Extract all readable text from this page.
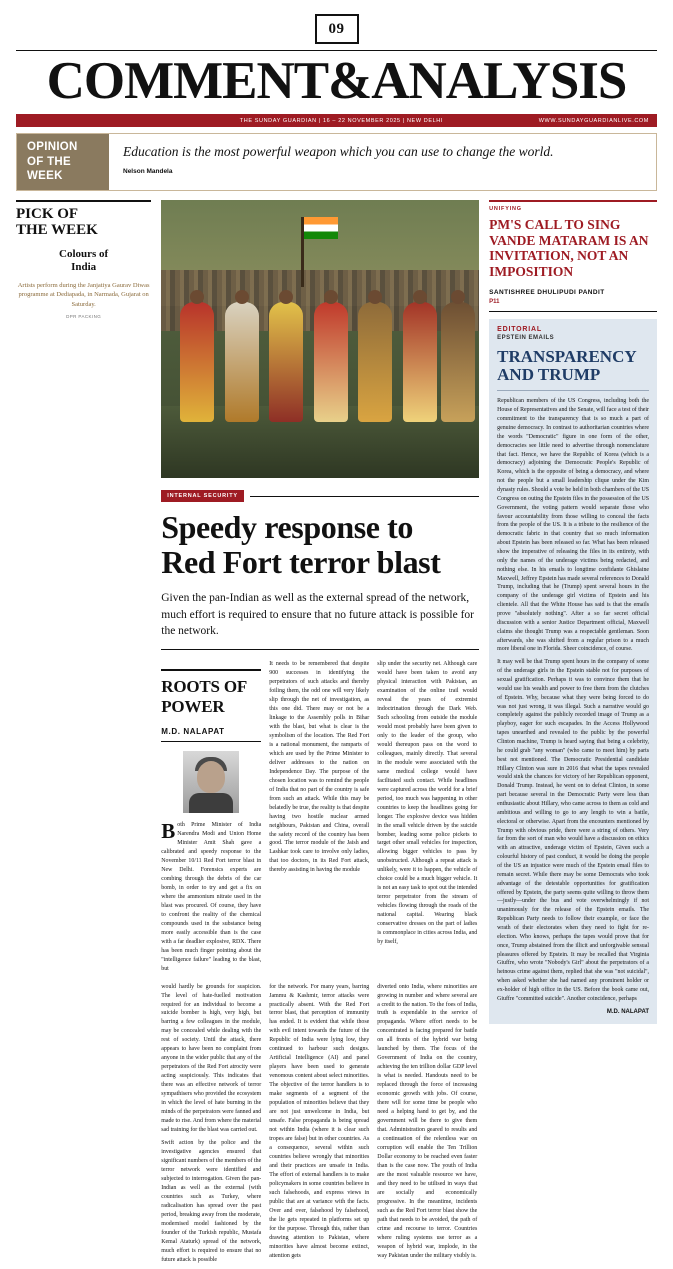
09
COMMENT&ANALYSIS
THE SUNDAY GUARDIAN | 16 – 22 NOVEMBER 2025 | NEW DELHI	WWW.SUNDAYGUARDIANLIVE.COM
OPINION
OF THE
WEEK
Education is the most powerful weapon which you can use to change the world.
Nelson Mandela
PICK OF
THE WEEK
Colours of
India
Artists perform during the Janjatiya Gaurav Diwas programme at Dediapada, in Narmada, Gujarat on Saturday.
DPR PACKING
INTERNAL SECURITY
Speedy response to
Red Fort terror blast
Given the pan-Indian as well as the external spread of the network, much effort is required to ensure that no future attack is possible for the network.
ROOTS OF POWER
M.D. NALAPAT

Both Prime Minister of India Narendra Modi and Union Home Minister Amit Shah gave a calibrated and speedy response to the November 10/11 Red Fort terror blast in New Delhi. Forensics experts are combing through the debris of the car bomb, in order to try and get a fix on where the ammonium nitrate used in the blast was procured. Of course, they have to confront the reality of the chemical compounds used in the substance being more easily accessible than is the case with a far deadlier explosive, RDX. There has been much finger pointing about the "intelligence failure" leading to the blast, but

It needs to be remembered that despite 900 successes in identifying the perpetrators of such attacks and thereby foiling them, the odd one will very likely slip through the net of investigation, as this one did. There may or not be a linkage to the Assembly polls in Bihar with the blast, but what is clear is the symbolism of the location. The Red Fort is a national monument, the ramparts of which are used by the Prime Minister to deliver addresses to the nation on Independence Day. The purpose of the chosen location was to remind the people of India that no part of the country is safe from such an attack. While this may be belatedly be true, the reality is that despite having two hostile nuclear armed neighbours, Pakistan and China, overall the safety record of the country has been good. The terror module of the Jaish and Lashkar took care to involve only ladies, that too doctors, in its Red Fort attack, thereby assisting in having the module

slip under the security net. Although care would have been taken to avoid any physical interaction with Pakistan, an examination of the online trail would reveal the years of extremist indoctrination through the Dark Web. Such schooling from outside the module would most probably have been given to only to the leader of the group, who would thereupon pass on the word to colleagues, mainly directly. That several in the module were associated with the same medical college would have facilitated such contact. While headlines were captured across the world for a brief period, too much was happening in other countries to keep the headlines going for longer. The explosive device was hidden in the small vehicle driven by the suicide bomber, leading some police pickets to target other small vehicles for inspection, allowing bigger vehicles to pass by unobstructed. Although a repeat attack is unlikely, were it to happen, the vehicle of choice could be a much bigger vehicle. It is not an easy task to spot out the intended terror perpetrator from the stream of vehicles flowing through the roads of the national capital. Wearing black conservative dresses on the part of ladies is commonplace in cities across India, and by itself,

would hardly be grounds for suspicion. The level of hate-fuelled motivation required for an individual to become a suicide bomber is high, very high, but barring a few colleagues in the module, may be concealed while dealing with the rest of society. Until the attack, there appears to have been no complaint from anyone in the wider public that any of the perpetrators of the Red Fort atrocity were acting suspiciously. This indicates that there was an effective network of terror sympathisers who provided the ecosystem in which the level of hate burning in the minds of the perpetrators were fanned and made to rise. And from where the material sad training for the blast was carried out.

Swift action by the police and the investigative agencies ensured that significant numbers of the members of the terror network were identified and subjected to interrogation. Given the pan-Indian as well as the external (with countries such as Turkey, where radicalisation has spread over the past period, breaking away from the moderate, modernised model fashioned by the founder of the Turkish republic, Mustafa Kemal Ataturk) spread of the network, much effort is required to ensure that no future attack is possible

for the network. For many years, barring Jammu & Kashmir, terror attacks were practically absent. With the Red Fort terror blast, that perception of immunity has ended. It is evident that while those with evil intent towards the future of the Republic of India were lying low, they continued to harbour such designs. Artificial Intelligence (AI) and panel players have been used to generate venomous content about select minorities. The objective of the terror handlers is to make segments of a segment of the population of minorities believe that they are not just unwelcome in India, but unsafe. False propaganda is being spread not within India (where it is clear such tropes are false) but in other countries. As a consequence, several within such countries believe wrongly that minorities and their practices are unsafe in India. The effort of external handlers is to make policymakers in some countries believe in such falsehoods, and express views in public that are at variance with the facts. Over and over, falsehood by falsehood, the lie gets repeated in platforms set up for the purpose. Through this, rather than drawing attention to Pakistan, where minorities have almost become extinct, attention gets

diverted onto India, where minorities are growing in number and where several are a credit to the nation. To the foes of India, truth is expendable in the service of propaganda. Where effort needs to be concentrated is facing prepared for battle on all fronts of the hybrid war being launched by them. The focus of the Government of India on the country, achieving the ten trillion dollar GDP level is what is needed. Handouts need to be replaced through the force of increasing economic growth with jobs. Of course, there will for some time be people who need a helping hand to get by, and the government will be there to give them that. Administration geared to results and a continuation of the relentless war on corruption will enable the Ten Trillion Dollar economy to be reached even faster than is the case now. The youth of India are the most valuable resource we have, and they need to be utilised in ways that are socially and economically progressive. In the meantime, incidents such as the Red Fort terror blast show the path that needs to be avoided, the path of crime and recourse to terror. Countries where ruling systems use terror as a weapon of hybrid war, implode, in the way Pakistan under the military visibly is.

UNIFYING
PM'S CALL TO SING VANDE MATARAM IS AN INVITATION, NOT AN IMPOSITION
SANTISHREE DHULIPUDI PANDIT
P11
EDITORIAL
EPSTEIN EMAILS
TRANSPARENCY
AND TRUMP

Republican members of the US Congress, including both the House of Representatives and the Senate, will face a test of their commitment to the transparency that is so much a part of genuine democracy. In contrast to authoritarian countries where the words "Democratic" figure in one form of the other, democracies see little need to advertise through nomenclature that fact. Hence, we have the Republic of Korea (which is a democracy) adjoining the Democratic People's Republic of Korea, which is the opposite of being a democracy, and where not the people but a small leadership clique under the Kim dynasty rules. Should a vote be held in both chambers of the US Congress on outing the Epstein files in the possession of the US Government, the voting pattern would separate those who favour accountability from those willing to conceal the facts from the people of the US. It is a tribute to the resilience of the democratic fabric in that country that so much information about Epstein has been released so far. What has been released show the imperative of releasing the files in its entirety, with only the names of the underage victims being redacted, and nothing else. In his emails to longtime confidante Ghislaine Maxwell, Jeffrey Epstein has made several references to Donald Trump, including that he (Trump) spent several hours in the company of the underage girl victims of Epstein and his clientele. All that the White House has said is that the emails prove "absolutely nothing". After a so far secret official discussion with a senior Justice Department official, Maxwell claims she thought Trump was a respectable gentleman. Soon afterwards, she was shifted from a regular prison to a much more liberal one in Florida. Sheer coincidence, of course.

It may well be that Trump spent hours in the company of some of the underage girls in the Epstein stable not for purposes of sexual gratification. Perhaps it was to convince them that he would use his wealth and power to free them from the clutches of Epstein. Why, because what they were being forced to do was not just wrong, it was illegal. Such a narrative would go completely against the publicly recorded image of Trump as a playboy, eager for such escapades. In the Access Hollywood tapes unearthed and revealed to the public by the powerful Clinton machine, Trump is heard saying that being a celebrity, he could grab "any woman" (who came to meet him) by parts best not mentioned. The Democratic Presidential candidate Hillary Clinton was sure in 2016 that what the tapes revealed would sink the chances for victory of her Republican opponent, Donald Trump. Instead, he went on to defeat Clinton, in some part because several in the Democratic Party were less than enthusiastic about Hillary, who came across to them as cold and ambitious and willing to go to any length to win a battle, electoral or otherwise. Apart from the encounters mentioned by Trump with obvious pride, there were a string of others. Very far from the sort of man who would have a discussion on ethics with an attractive, underage victim of Epstein, Given such a colourful history of past conduct, it would be doing the people of the US an injustice were much of the Epstein email files to remain secret. While there may be some Democrats who took advantage of the detestable opportunities for gratification offered by Epstein, the party seems quite willing to throw them—justly—under the bus and vote overwhelmingly if not unanimously for the release of the Epstein emails. The Republican Party needs to follow their example, or face the wrath of their electorates when they need to fight for re-election. Who knows, perhaps the tapes would prove that for once, Trump abstained from the illicit and unforgivable sensual pleasures offered by Epstein. It may be recalled that Virginia Giuffre, who wrote "Nobody's Girl" about the perpetrators of a heinous crime against them, replied that she was "not suicidal", when asked whether she had named any prominent holder or ex-holder of high office in the US. Before the book came out, Giuffre "committed suicide". Another coincidence, perhaps

M.D. NALAPAT
